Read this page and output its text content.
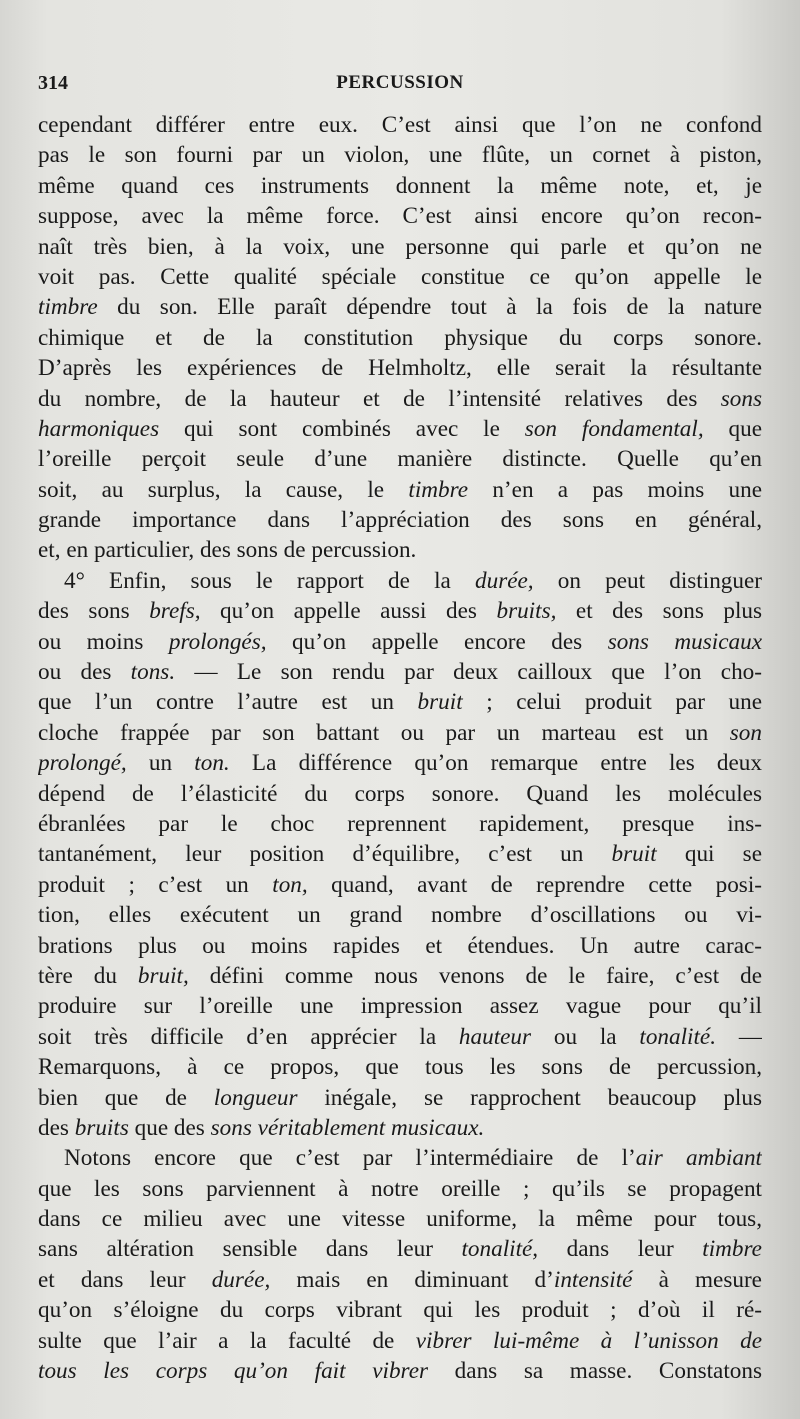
314	PERCUSSION
cependant différer entre eux. C’est ainsi que l’on ne confond
pas le son fourni par un violon, une flûte, un cornet à piston,
même quand ces instruments donnent la même note, et, je
suppose, avec la même force. C’est ainsi encore qu’on recon-
naît très bien, à la voix, une personne qui parle et qu’on ne
voit pas. Cette qualité spéciale constitue ce qu’on appelle le
timbre du son. Elle paraît dépendre tout à la fois de la nature
chimique et de la constitution physique du corps sonore.
D’après les expériences de Helmholtz, elle serait la résultante
du nombre, de la hauteur et de l’intensité relatives des sons
harmoniques qui sont combinés avec le son fondamental, que
l’oreille perçoit seule d’une manière distincte. Quelle qu’en
soit, au surplus, la cause, le timbre n’en a pas moins une
grande importance dans l’appréciation des sons en général,
et, en particulier, des sons de percussion.
4° Enfin, sous le rapport de la durée, on peut distinguer
des sons brefs, qu’on appelle aussi des bruits, et des sons plus
ou moins prolongés, qu’on appelle encore des sons musicaux
ou des tons. — Le son rendu par deux cailloux que l’on cho-
que l’un contre l’autre est un bruit ; celui produit par une
cloche frappée par son battant ou par un marteau est un son
prolongé, un ton. La différence qu’on remarque entre les deux
dépend de l’élasticité du corps sonore. Quand les molécules
ébranlées par le choc reprennent rapidement, presque ins-
tantanément, leur position d’équilibre, c’est un bruit qui se
produit ; c’est un ton, quand, avant de reprendre cette posi-
tion, elles exécutent un grand nombre d’oscillations ou vi-
brations plus ou moins rapides et étendues. Un autre carac-
tère du bruit, défini comme nous venons de le faire, c’est de
produire sur l’oreille une impression assez vague pour qu’il
soit très difficile d’en apprécier la hauteur ou la tonalité. —
Remarquons, à ce propos, que tous les sons de percussion,
bien que de longueur inégale, se rapprochent beaucoup plus
des bruits que des sons véritablement musicaux.
Notons encore que c’est par l’intermédiaire de l’air ambiant
que les sons parviennent à notre oreille ; qu’ils se propagent
dans ce milieu avec une vitesse uniforme, la même pour tous,
sans altération sensible dans leur tonalité, dans leur timbre
et dans leur durée, mais en diminuant d’intensité à mesure
qu’on s’éloigne du corps vibrant qui les produit ; d’où il ré-
sulte que l’air a la faculté de vibrer lui-même à l’unisson de
tous les corps qu’on fait vibrer dans sa masse. Constatons
